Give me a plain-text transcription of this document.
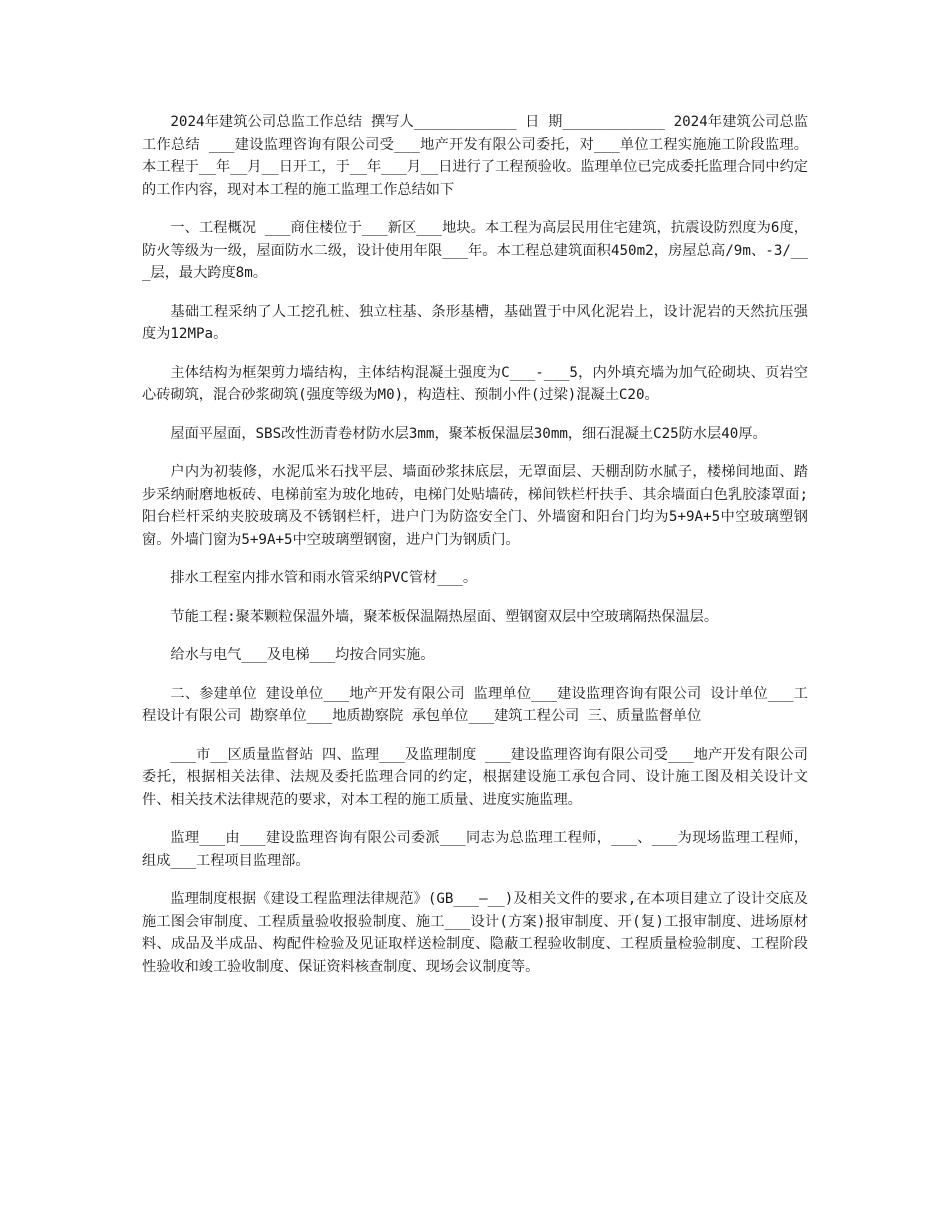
2024年建筑公司总监工作总结 撰写人____________ 日 期____________ 2024年建筑公司总监工作总结 ___建设监理咨询有限公司受___地产开发有限公司委托，对___单位工程实施施工阶段监理。本工程于__年__月__日开工，于__年___月__日进行了工程预验收。监理单位已完成委托监理合同中约定的工作内容，现对本工程的施工监理工作总结如下

一、工程概况 ___商住楼位于___新区___地块。本工程为高层民用住宅建筑，抗震设防烈度为6度，防火等级为一级，屋面防水二级，设计使用年限___年。本工程总建筑面积450m2，房屋总高/9m、-3/___层，最大跨度8m。

基础工程采纳了人工挖孔桩、独立柱基、条形基槽，基础置于中风化泥岩上，设计泥岩的天然抗压强度为12MPa。

主体结构为框架剪力墙结构，主体结构混凝土强度为C___-___5，内外填充墙为加气砼砌块、页岩空心砖砌筑，混合砂浆砌筑(强度等级为M0)，构造柱、预制小件(过梁)混凝土C20。

屋面平屋面，SBS改性沥青卷材防水层3mm，聚苯板保温层30mm，细石混凝土C25防水层40厚。

户内为初装修，水泥瓜米石找平层、墙面砂浆抹底层，无罩面层、天棚刮防水腻子，楼梯间地面、踏步采纳耐磨地板砖、电梯前室为玻化地砖，电梯门处贴墙砖，梯间铁栏杆扶手、其余墙面白色乳胶漆罩面;阳台栏杆采纳夹胶玻璃及不锈钢栏杆，进户门为防盗安全门、外墙窗和阳台门均为5+9A+5中空玻璃塑钢窗。外墙门窗为5+9A+5中空玻璃塑钢窗，进户门为钢质门。

排水工程室内排水管和雨水管采纳PVC管材___。

节能工程:聚苯颗粒保温外墙，聚苯板保温隔热屋面、塑钢窗双层中空玻璃隔热保温层。

给水与电气___及电梯___均按合同实施。

二、参建单位 建设单位___地产开发有限公司 监理单位___建设监理咨询有限公司 设计单位___工程设计有限公司 勘察单位___地质勘察院 承包单位___建筑工程公司 三、质量监督单位

___市__区质量监督站 四、监理___及监理制度 ___建设监理咨询有限公司受___地产开发有限公司委托，根据相关法律、法规及委托监理合同的约定，根据建设施工承包合同、设计施工图及相关设计文件、相关技术法律规范的要求，对本工程的施工质量、进度实施监理。

监理___由___建设监理咨询有限公司委派___同志为总监理工程师，___、___为现场监理工程师，组成___工程项目监理部。

监理制度根据《建设工程监理法律规范》(GB___—__)及相关文件的要求,在本项目建立了设计交底及施工图会审制度、工程质量验收报验制度、施工___设计(方案)报审制度、开(复)工报审制度、进场原材料、成品及半成品、构配件检验及见证取样送检制度、隐蔽工程验收制度、工程质量检验制度、工程阶段性验收和竣工验收制度、保证资料核查制度、现场会议制度等。
